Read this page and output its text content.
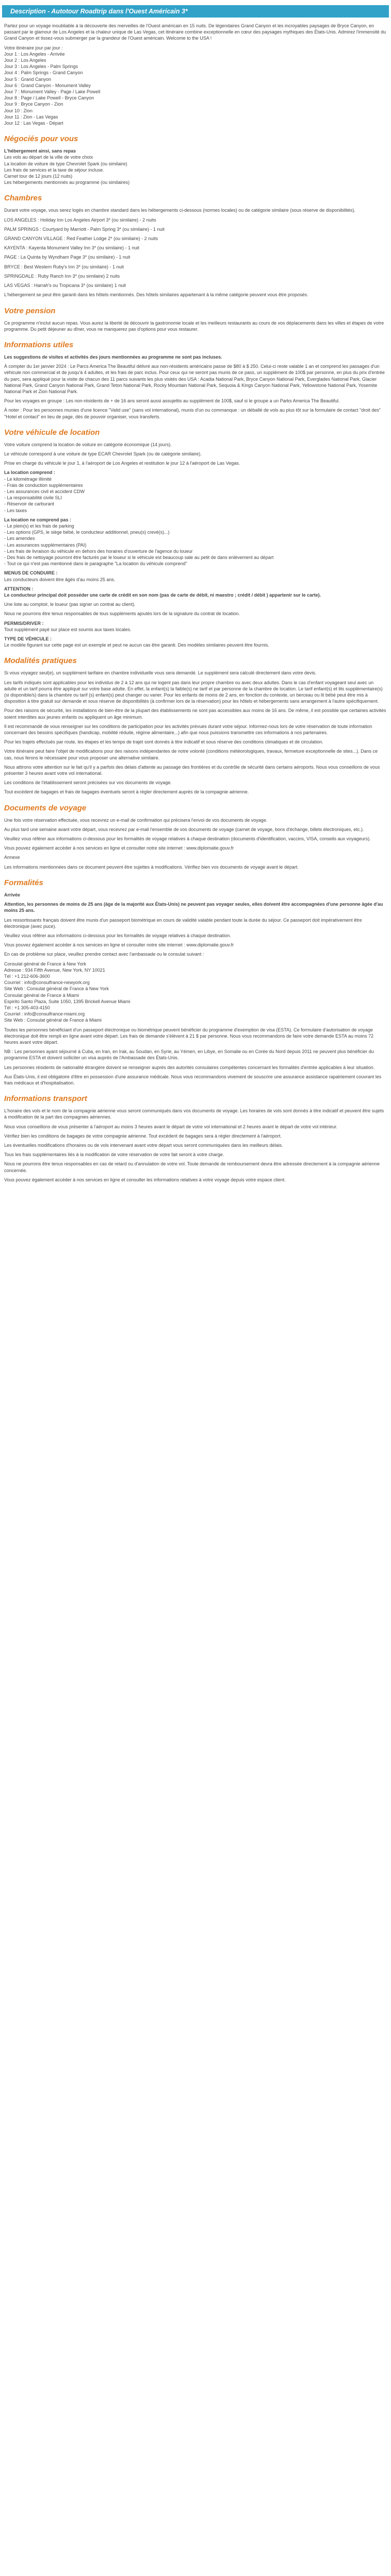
Description - Autotour Roadtrip dans l'Ouest Américain 3*

Partez pour un voyage inoubliable à la découverte des merveilles de l'Ouest américain en 15 nuits. De légendaires Grand Canyon et les incroyables paysages de Bryce Canyon, en passant par le glamour de Los Angeles et la chaleur unique de Las Vegas, cet itinéraire combine exceptionnelle en cœur des paysages mythiques des États-Unis. Admirez l'immensité du Grand Canyon et tissez-vous submerger par la grandeur de l'Ouest américain. Welcome to the USA !

Votre itinéraire jour par jour :
Jour 1 : Los Angeles - Arrivée
Jour 2 : Los Angeles
Jour 3 : Los Angeles - Palm Springs
Jour 4 : Palm Springs - Grand Canyon
Jour 5 : Grand Canyon
Jour 6 : Grand Canyon - Monument Valley
Jour 7 : Monument Valley - Page / Lake Powell
Jour 8 : Page / Lake Powell - Bryce Canyon
Jour 9 : Bryce Canyon - Zion
Jour 10 : Zion
Jour 11 : Zion - Las Vegas
Jour 12 : Las Vegas - Départ
Négociés pour vous
L'hébergement ainsi, sans repas
Les vols au départ de la ville de votre choix
La location de voiture de type Chevrolet Spark (ou similaire)
Les frais de services et la taxe de séjour incluse.
Carnet tour de 12 jours (12 nuits)
Les hébergements mentionnés au programme (ou similaires)
Chambres

Durant votre voyage, vous serez logés en chambre standard dans les hébergements ci-dessous (normes locales) ou de catégorie similaire (sous réserve de disponibilités).

LOS ANGELES : Holiday Inn Los Angeles Airport 3* (ou similaire) - 2 nuits

PALM SPRINGS : Courtyard by Marriott - Palm Spring 3* (ou similaire) - 1 nuit

GRAND CANYON VILLAGE : Red Feather Lodge 2* (ou similaire) - 2 nuits

KAYENTA : Kayenta Monument Valley Inn 3* (ou similaire) - 1 nuit

PAGE : La Quinta by Wyndham Page 3* (ou similaire) - 1 nuit

BRYCE : Best Western Ruby's Inn 3* (ou similaire) - 1 nuit

SPRINGDALE : Ruby Ranch Inn 3* (ou similaire) 2 nuits

LAS VEGAS : Harrah's ou Tropicana 3* (ou similaire) 1 nuit

L'hébergement se peut être garanti dans les hôtels mentionnés. Des hôtels similaires appartenant à la même catégorie peuvent vous être proposés.

Votre pension

Ce programme n'inclut aucun repas. Vous aurez la liberté de découvrir la gastronomie locale et les meilleurs restaurants au cours de vos déplacements dans les villes et étapes de votre programme. Du petit déjeuner au dîner, vous ne manquerez pas d'options pour vous restaurer.

Informations utiles

Les suggestions de visites et activités des jours mentionnées au programme ne sont pas incluses.

À compter du 1er janvier 2024 : Le Parcs America The Beautiful délivré aux non-résidents américains passe de $80 à $ 250. Celui-ci reste valable 1 an et comprend les passages d'un véhicule non commercial et de jusqu'à 4 adultes, et les frais de parc inclus. Pour ceux qui ne seront pas munis de ce pass, un supplément de 100$ par personne, en plus du prix d'entrée du parc, sera appliqué pour la visite de chacun des 11 parcs suivants les plus visités des USA : Acadia National Park, Bryce Canyon National Park, Everglades National Park, Glacier National Park, Grand Canyon National Park, Grand Teton National Park, Rocky Mountain National Park, Sequoia & Kings Canyon National Park, Yellowstone National Park, Yosemite National Park et Zion National Park.

Pour les voyages en groupe : Les non-résidents de + de 16 ans seront aussi assujettis au supplément de 100$, sauf si le groupe a un Parks America The Beautiful.

À noter : Pour les personnes munies d'une licence "Valid use" (sans vol international), munis d'un ou commanque : un déballé de vols au plus tôt sur la formulaire de contact "droit des" "Hotel et contact" en lieu de page, dès de pouvoir organiser, vous transferts.

Votre véhicule de location

Votre voiture comprend la location de voiture en catégorie économique (14 jours).

Le véhicule correspond à une voiture de type ECAR Chevrolet Spark (ou de catégorie similaire).

Prise en charge du véhicule le jour 1, à l'aéroport de Los Angeles et restitution le jour 12 à l'aéroport de Las Vegas.

La location comprend :
- Le kilométrage illimité
- Frais de conduction supplémentaires
- Les assurances civil et accident CDW
- La responsabilité civile SLI
- Réservoir de carburant
- Les taxes
La location ne comprend pas :
- Le plein(s) et les frais de parking
- Les options (GPS, le siège bébé, le conducteur additionnel, pneu(s) crevé(s)...)
- Les amendes
- Les assurances supplémentaires (PAI)
- Les frais de livraison du véhicule en dehors des horaires d'ouverture de l'agence du loueur
- Des frais de nettoyage pourront être facturés par le loueur si le véhicule est beaucoup sale au petit de dans enlèvement au départ
- Tout ce qui n'est pas mentionné dans le paragraphe "La location du véhicule comprend"
MENUS DE CONDUIRE :

Les conducteurs doivent être âgés d'au moins 25 ans.

ATTENTION :

Le conducteur principal doit posséder une carte de crédit en son nom (pas de carte de débit, ni maestro ; crédit / débit ) appartenir sur le carte).

Une liste au comptoir, le loueur (pas signer un contrat au client).

Nous ne pourrons être tenus responsables de tous suppléments ajoutés lors de la signature du contrat de location.

PERMIS/DRIVER :

Tout supplément payé sur place est soumis aux taxes locales.

TYPE DE VÉHICULE :

Le modèle figurant sur cette page est un exemple et peut ne aucun cas être garanti. Des modèles similaires peuvent être fournis.

Modalités pratiques

Si vous voyagez seul(e), un supplément tarifaire en chambre individuelle vous sera demandé. Le supplément sera calculé directement dans votre devis.

Les tarifs indiqués sont applicables pour les individus de 2 à 12 ans qui ne logent pas dans leur propre chambre ou avec deux adultes. Dans le cas d'enfant voyageant seul avec un adulte et un tarif pourra être appliqué sur votre base adulte. En effet, la enfant(s) la faible(s) ne tarif et par personne de la chambre de location. Le tarif enfant(s) et lits supplémentaire(s) (si disponible/s) dans la chambre ou tarif (s) enfant(s) peut changer ou varier. Pour les enfants de moins de 2 ans, en fonction du contexte, un berceau ou lit bébé peut être mis à disposition à titre gratuit sur demande et sous réserve de disponibilités (à confirmer lors de la réservation) pour les hôtels et hébergements sans arrangement à l'autre spécifiquement.

Pour des raisons de sécurité, les installations de bien-être de la plupart des établissements ne sont pas accessibles aux moins de 16 ans. De même, il est possible que certaines activités soient interdites aux jeunes enfants ou appliquent un âge minimum.

Il est recommandé de vous renseigner sur les conditions de participation pour les activités prévues durant votre séjour. Informez-nous lors de votre réservation de toute information concernant des besoins spécifiques (handicap, mobilité réduite, régime alimentaire...) afin que nous puissions transmettre ces informations à nos partenaires.

Pour les trajets effectués par route, les étapes et les temps de trajet sont donnés à titre indicatif et sous réserve des conditions climatiques et de circulation.

Votre itinéraire peut faire l'objet de modifications pour des raisons indépendantes de notre volonté (conditions météorologiques, travaux, fermeture exceptionnelle de sites...). Dans ce cas, nous ferons le nécessaire pour vous proposer une alternative similaire.

Nous attirons votre attention sur le fait qu'il y a parfois des délais d'attente au passage des frontières et du contrôle de sécurité dans certains aéroports. Nous vous conseillons de vous présenter 3 heures avant votre vol international.

Les conditions de l'établissement seront précisées sur vos documents de voyage.

Tout excédent de bagages et frais de bagages éventuels seront à régler directement auprès de la compagnie aérienne.

Documents de voyage

Une fois votre réservation effectuée, vous recevrez un e-mail de confirmation qui précisera l'envoi de vos documents de voyage.

Au plus tard une semaine avant votre départ, vous recevrez par e-mail l'ensemble de vos documents de voyage (carnet de voyage, bons d'échange, billets électroniques, etc.).

Veuillez vous référer aux informations ci-dessous pour les formalités de voyage relatives à chaque destination (documents d'identification, vaccins, VISA, conseils aux voyageurs).

Vous pouvez également accéder à nos services en ligne et consulter notre site internet : www.diplomatie.gouv.fr

Annexe

Les informations mentionnées dans ce document peuvent être sujettes à modifications. Vérifiez bien vos documents de voyage avant le départ.

Formalités
Arrivée

Attention, les personnes de moins de 25 ans (âge de la majorité aux États-Unis) ne peuvent pas voyager seules, elles doivent être accompagnées d'une personne âgée d'au moins 25 ans.

Les ressortissants français doivent être munis d'un passeport biométrique en cours de validité valable pendant toute la durée du séjour. Ce passeport doit impérativement être électronique (avec puce).

Veuillez vous référer aux informations ci-dessous pour les formalités de voyage relatives à chaque destination.

Vous pouvez également accéder à nos services en ligne et consulter notre site internet : www.diplomatie.gouv.fr

En cas de problème sur place, veuillez prendre contact avec l'ambassade ou le consulat suivant :

Consulat général de France à New York
Adresse : 934 Fifth Avenue, New York, NY 10021
Tél : +1 212-606-3600
Courriel : info@consulfrance-newyork.org
Site Web : Consulat général de France à New York
Consulat général de France à Miami
Espirito Santo Plaza, Suite 1050, 1395 Brickell Avenue Miami
Tél : +1 305-403-4150
Courriel : info@consulfrance-miami.org
Site Web : Consulat général de France à Miami

Toutes les personnes bénéficiant d'un passeport électronique ou biométrique peuvent bénéficier du programme d'exemption de visa (ESTA). Ce formulaire d'autorisation de voyage électronique doit être rempli en ligne avant votre départ. Les frais de demande s'élèvent à 21 $ par personne. Nous vous recommandons de faire votre demande ESTA au moins 72 heures avant votre départ.

NB : Les personnes ayant séjourné à Cuba, en Iran, en Irak, au Soudan, en Syrie, au Yémen, en Libye, en Somalie ou en Corée du Nord depuis 2011 ne peuvent plus bénéficier du programme ESTA et doivent solliciter un visa auprès de l'Ambassade des États-Unis.

Les personnes résidents de nationalité étrangère doivent se renseigner auprès des autorités consulaires compétentes concernant les formalités d'entrée applicables à leur situation.

Aux États-Unis, il est obligatoire d'être en possession d'une assurance médicale. Nous vous recommandons vivement de souscrire une assurance assistance rapatriement couvrant les frais médicaux et d'hospitalisation.

Informations transport

L'horaire des vols et le nom de la compagnie aérienne vous seront communiqués dans vos documents de voyage. Les horaires de vols sont donnés à titre indicatif et peuvent être sujets à modification de la part des compagnies aériennes.

Nous vous conseillons de vous présenter à l'aéroport au moins 3 heures avant le départ de votre vol international et 2 heures avant le départ de votre vol intérieur.

Vérifiez bien les conditions de bagages de votre compagnie aérienne. Tout excédent de bagages sera à régler directement à l'aéroport.

Les éventuelles modifications d'horaires ou de vols intervenant avant votre départ vous seront communiquées dans les meilleurs délais.

Tous les frais supplémentaires liés à la modification de votre réservation de votre fait seront à votre charge.

Nous ne pourrons être tenus responsables en cas de retard ou d'annulation de votre vol. Toute demande de remboursement devra être adressée directement à la compagnie aérienne concernée.

Vous pouvez également accéder à nos services en ligne et consulter les informations relatives à votre voyage depuis votre espace client.
